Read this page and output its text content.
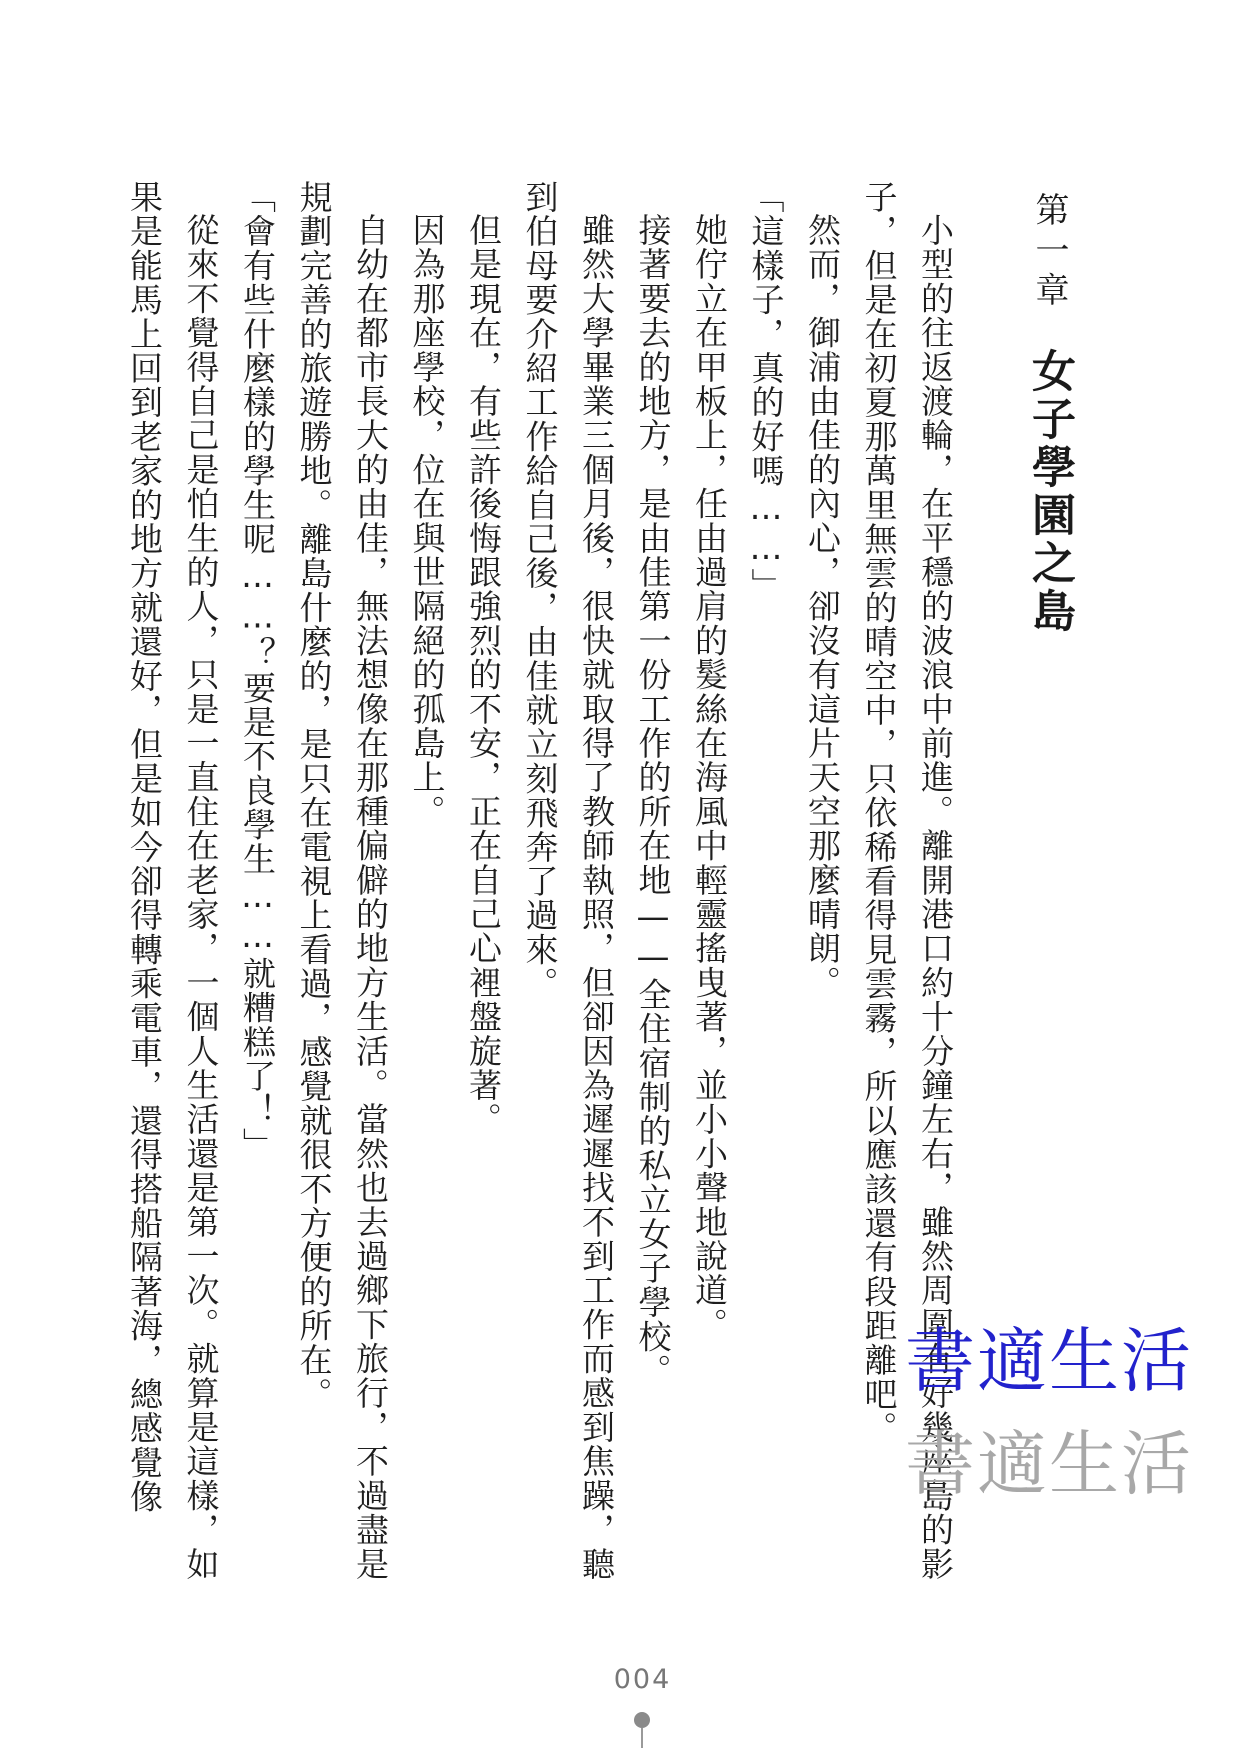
第一章女子學園之島

小型的往返渡輪，在平穩的波浪中前進。離開港口約十分鐘左右，雖然周圍有好幾座島的影子，但是在初夏那萬里無雲的晴空中，只依稀看得見雲霧，所以應該還有段距離吧。

然而，御浦由佳的內心，卻沒有這片天空那麼晴朗。

「這樣子，真的好嗎……」

她佇立在甲板上，任由過肩的髮絲在海風中輕靈搖曳著，並小小聲地說道。

接著要去的地方，是由佳第一份工作的所在地——全住宿制的私立女子學校。

雖然大學畢業三個月後，很快就取得了教師執照，但卻因為遲遲找不到工作而感到焦躁，聽到伯母要介紹工作給自己後，由佳就立刻飛奔了過來。

但是現在，有些許後悔跟強烈的不安，正在自己心裡盤旋著。

因為那座學校，位在與世隔絕的孤島上。

自幼在都市長大的由佳，無法想像在那種偏僻的地方生活。當然也去過鄉下旅行，不過盡是規劃完善的旅遊勝地。離島什麼的，是只在電視上看過，感覺就很不方便的所在。

「會有些什麼樣的學生呢……？要是不良學生……就糟糕了！」

從來不覺得自己是怕生的人，只是一直住在老家，一個人生活還是第一次。就算是這樣，如果是能馬上回到老家的地方就還好，但是如今卻得轉乘電車，還得搭船隔著海，總感覺像	書適生活
書適生活
004
